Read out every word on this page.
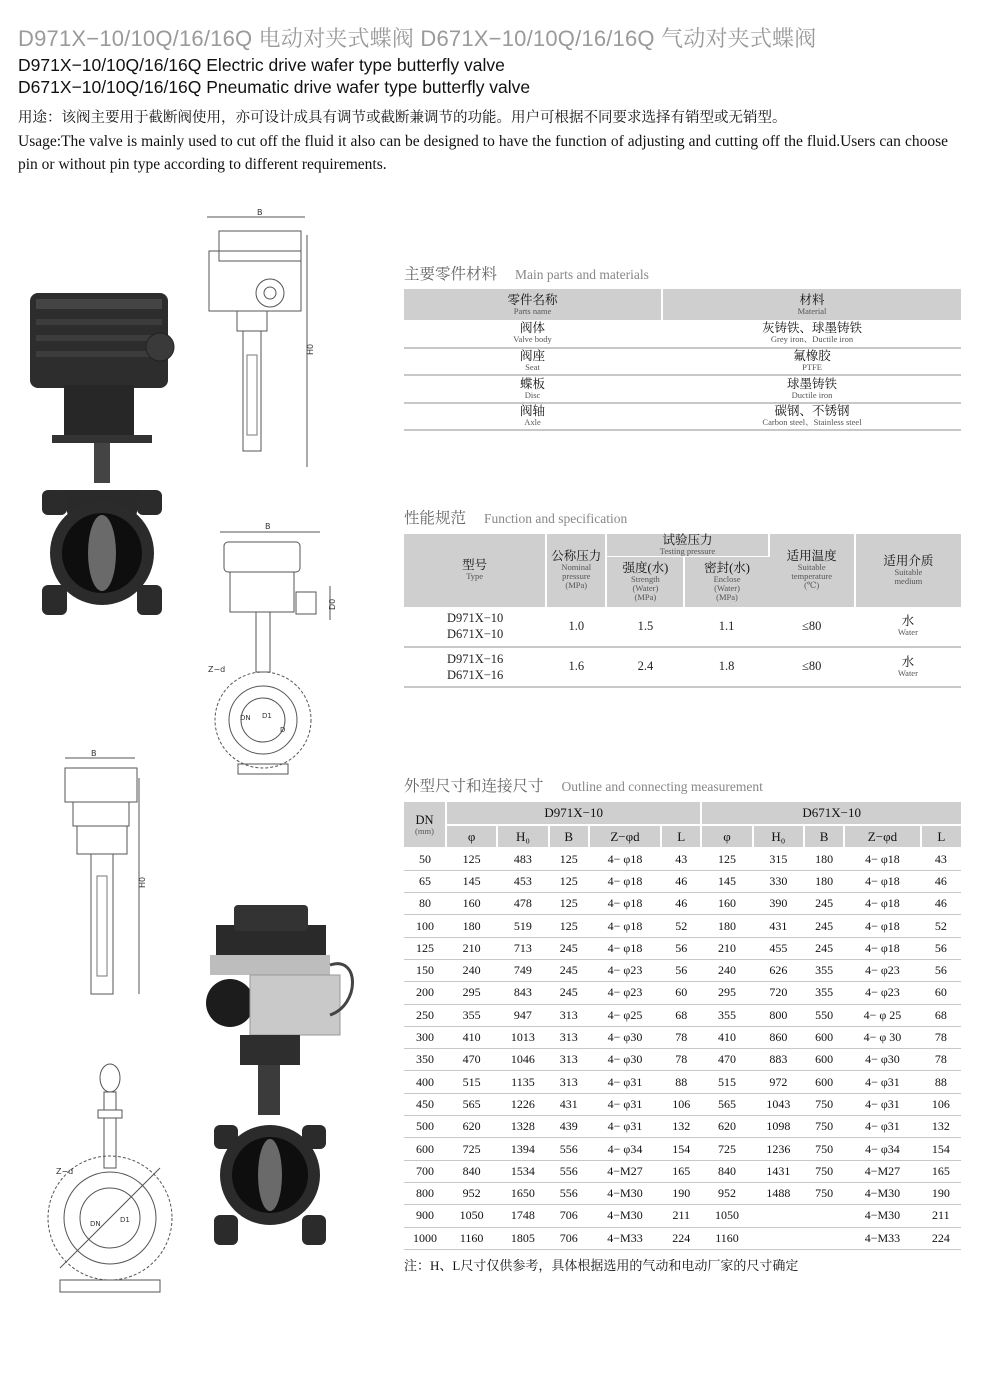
D971X−10/10Q/16/16Q 电动对夹式蝶阀 D671X−10/10Q/16/16Q 气动对夹式蝶阀
D971X−10/10Q/16/16Q Electric drive wafer type butterfly valve
D671X−10/10Q/16/16Q Pneumatic drive wafer type butterfly valve
用途：该阀主要用于截断阀使用，亦可设计成具有调节或截断兼调节的功能。用户可根据不同要求选择有销型或无销型。
Usage:The valve is mainly used to cut off the fluid it also can be designed to have the function of adjusting and cutting off the fluid.Users can choose pin or without pin type according to different requirements.
B
H0
B
D0
Z−d
DN D1
D
B
H0
Z−d
DN	D1
主要零件材料 Main parts and materials
零件名称
Parts name	材料
Material

阀体
Valve body	灰铸铁、球墨铸铁
Grey iron、Ductile iron

阀座
Seat	氟橡胶
PTFE

蝶板
Disc	球墨铸铁
Ductile iron

阀轴
Axle	碳钢、不锈钢
Carbon steel、Stainless steel
性能规范 Function and specification
型号
Type	公称压力
Nominal
pressure
(MPa)	试验压力
Testing pressure		适用温度
Suitable
temperature
(℃)	适用介质
Suitable
medium

		强度(水)
Strength
(Water)
(MPa)	密封(水)
Enclose
(Water)
(MPa)		

D971X−10
D671X−10	1.0	1.5	1.1	≤80	水
Water

D971X−16
D671X−16	1.6	2.4	1.8	≤80	水
Water
外型尺寸和连接尺寸 Outline and connecting measurement
DN
(mm)	D971X−10					D671X−10				
	φ	H₀	B	Z−φd	L	φ	H₀	B	Z−φd	L
50	125	483	125	4− φ18	43	125	315	180	4− φ18	43
65	145	453	125	4− φ18	46	145	330	180	4− φ18	46
80	160	478	125	4− φ18	46	160	390	245	4− φ18	46
100	180	519	125	4− φ18	52	180	431	245	4− φ18	52
125	210	713	245	4− φ18	56	210	455	245	4− φ18	56
150	240	749	245	4− φ23	56	240	626	355	4− φ23	56
200	295	843	245	4− φ23	60	295	720	355	4− φ23	60
250	355	947	313	4− φ25	68	355	800	550	4− φ 25	68
300	410	1013	313	4− φ30	78	410	860	600	4− φ 30	78
350	470	1046	313	4− φ30	78	470	883	600	4− φ30	78
400	515	1135	313	4− φ31	88	515	972	600	4− φ31	88
450	565	1226	431	4− φ31	106	565	1043	750	4− φ31	106
500	620	1328	439	4− φ31	132	620	1098	750	4− φ31	132
600	725	1394	556	4− φ34	154	725	1236	750	4− φ34	154
700	840	1534	556	4−M27	165	840	1431	750	4−M27	165
800	952	1650	556	4−M30	190	952	1488	750	4−M30	190
900	1050	1748	706	4−M30	211	1050			4−M30	211
1000	1160	1805	706	4−M33	224	1160			4−M33	224
注：H、L尺寸仅供参考，具体根据选用的气动和电动厂家的尺寸确定
